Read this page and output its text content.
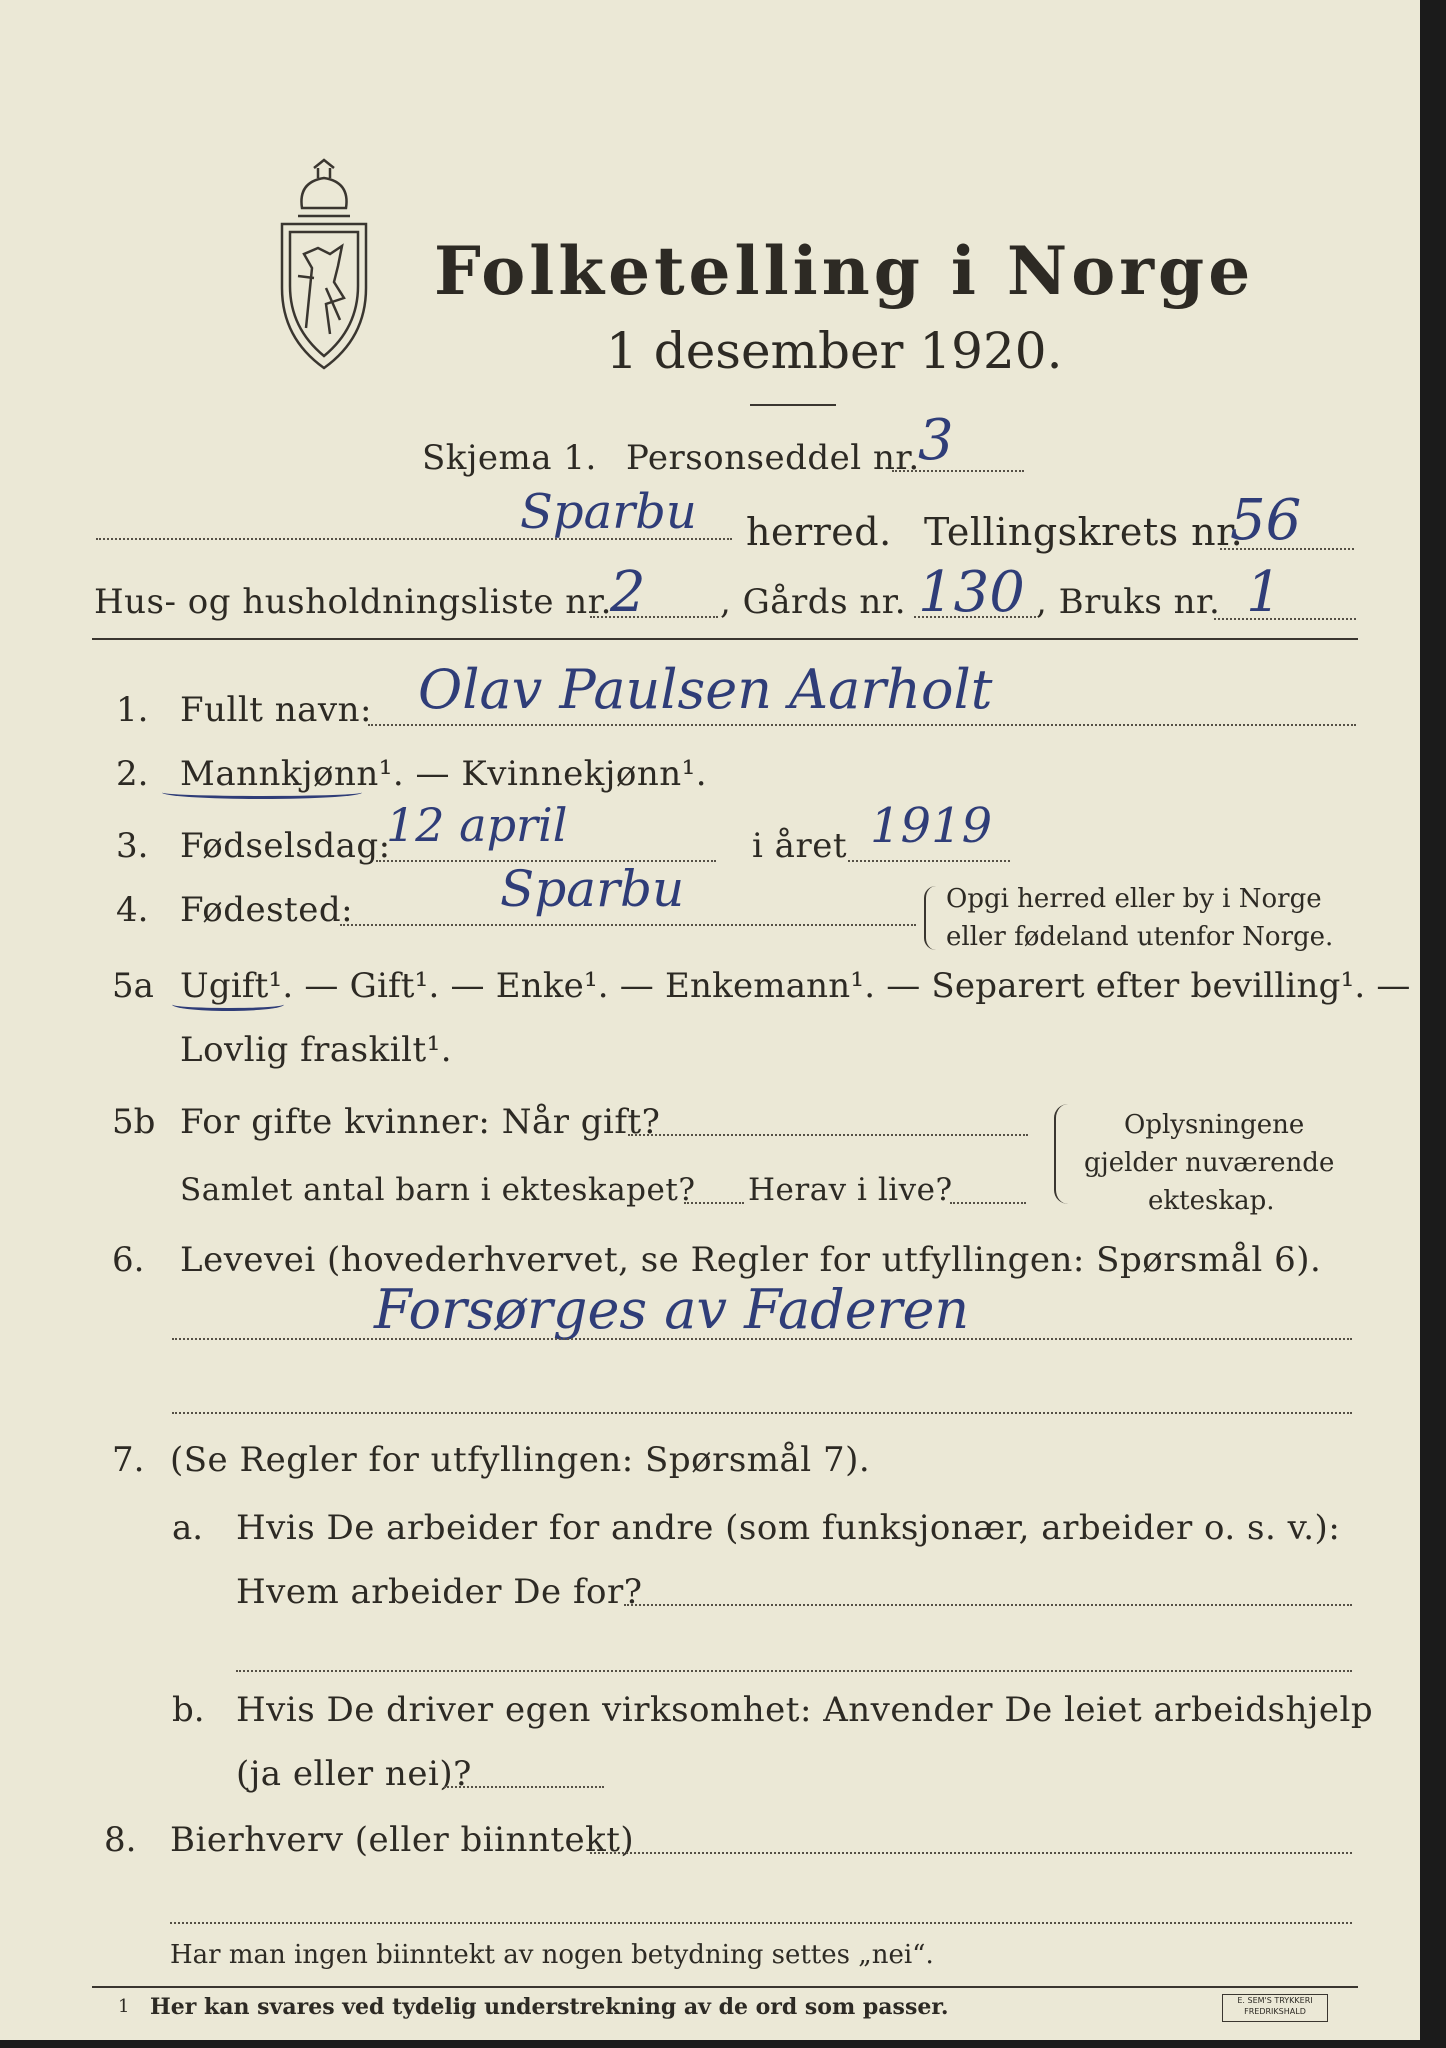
Folketelling i Norge
1 desember 1920.
Skjema 1. Personseddel nr.
3
Sparbu herred. Tellingskrets nr.
56
Hus- og husholdningsliste nr.
2 , Gårds nr. 130 , Bruks nr. 1
1. Fullt navn: Olav Paulsen Aarholt
2. Mannkjønn¹. — Kvinnekjønn¹.
3. Fødselsdag:
12 april	i året 1919
4. Fødested:	Sparbu	Opgi herred eller by i Norge
eller fødeland utenfor Norge.
5a Ugift¹. — Gift¹. — Enke¹. — Enkemann¹. — Separert efter bevilling¹. —
Lovlig fraskilt¹.
5b For gifte kvinner: Når gift?
Samlet antal barn i ekteskapet? Herav i live?
Oplysningene
gjelder nuværende
ekteskap.
6. Levevei (hovederhvervet, se Regler for utfyllingen: Spørsmål 6).
Forsørges av Faderen
7. (Se Regler for utfyllingen: Spørsmål 7).
a. Hvis De arbeider for andre (som funksjonær, arbeider o. s. v.):
Hvem arbeider De for?
b. Hvis De driver egen virksomhet: Anvender De leiet arbeidshjelp
(ja eller nei)?
8. Bierhverv (eller biinntekt)
Har man ingen biinntekt av nogen betydning settes „nei“.
1 Her kan svares ved tydelig understrekning av de ord som passer.	E. SEM'S TRYKKERI
FREDRIKSHALD
